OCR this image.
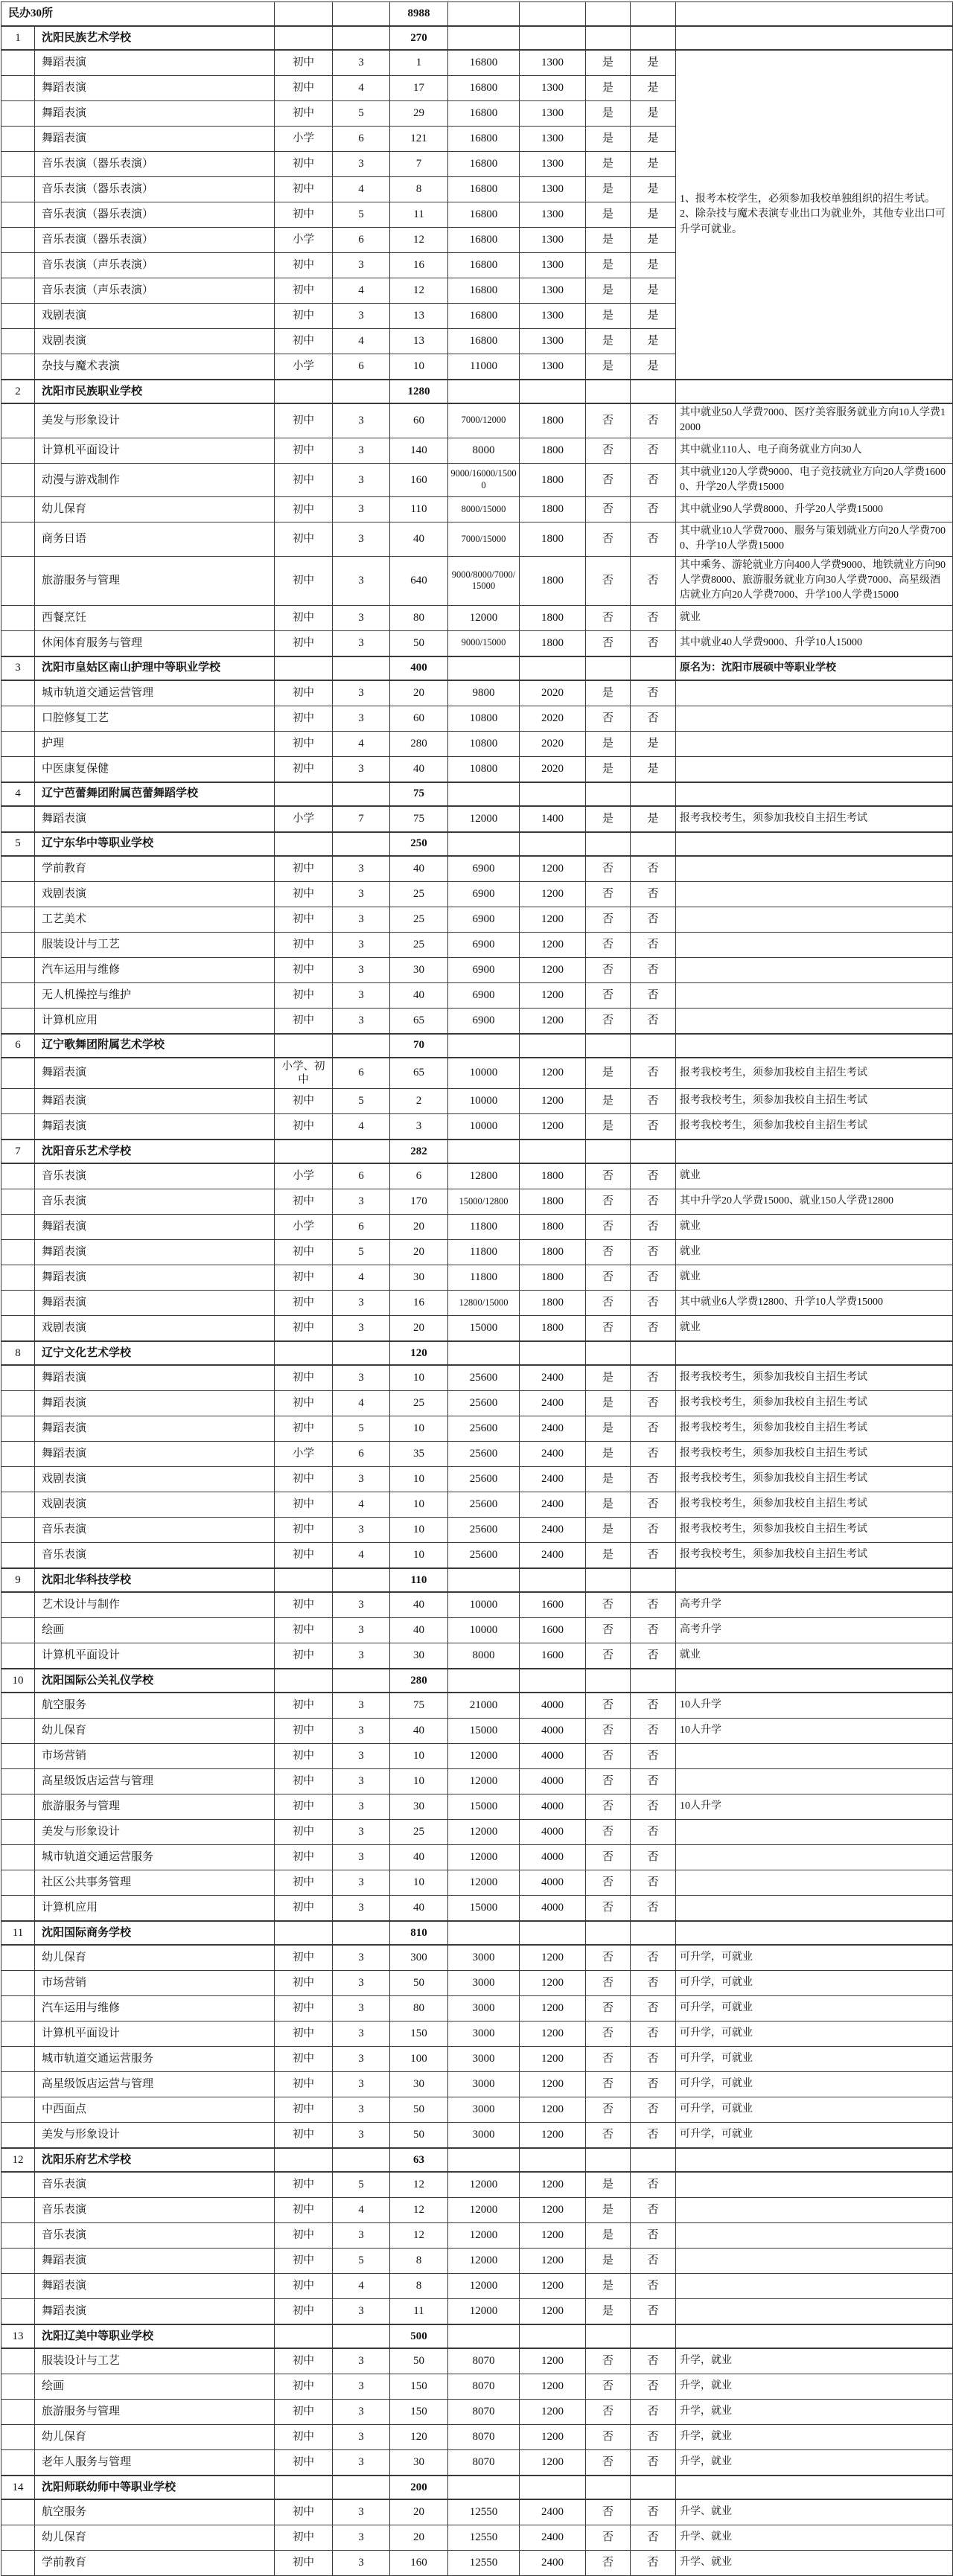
民办30所				8988					
1	沈阳民族艺术学校			270					
	舞蹈表演	初中	3	1	16800	1300	是	是	1、报考本校学生，必须参加我校单独组织的招生考试。 2、除杂技与魔术表演专业出口为就业外，其他专业出口可升学可就业。
	舞蹈表演	初中	4	17	16800	1300	是	是	
	舞蹈表演	初中	5	29	16800	1300	是	是	
	舞蹈表演	小学	6	121	16800	1300	是	是	
	音乐表演（器乐表演）	初中	3	7	16800	1300	是	是	
	音乐表演（器乐表演）	初中	4	8	16800	1300	是	是	
	音乐表演（器乐表演）	初中	5	11	16800	1300	是	是	
	音乐表演（器乐表演）	小学	6	12	16800	1300	是	是	
	音乐表演（声乐表演）	初中	3	16	16800	1300	是	是	
	音乐表演（声乐表演）	初中	4	12	16800	1300	是	是	
	戏剧表演	初中	3	13	16800	1300	是	是	
	戏剧表演	初中	4	13	16800	1300	是	是	
	杂技与魔术表演	小学	6	10	11000	1300	是	是	
2	沈阳市民族职业学校			1280					
	美发与形象设计	初中	3	60	7000/12000	1800	否	否	其中就业50人学费7000、医疗美容服务就业方向10人学费12000
	计算机平面设计	初中	3	140	8000	1800	否	否	其中就业110人、电子商务就业方向30人
	动漫与游戏制作	初中	3	160	9000/16000/15000	1800	否	否	其中就业120人学费9000、电子竞技就业方向20人学费16000、升学20人学费15000
	幼儿保育	初中	3	110	8000/15000	1800	否	否	其中就业90人学费8000、升学20人学费15000
	商务日语	初中	3	40	7000/15000	1800	否	否	其中就业10人学费7000、服务与策划就业方向20人学费7000、升学10人学费15000
	旅游服务与管理	初中	3	640	9000/8000/7000/15000	1800	否	否	其中乘务、游轮就业方向400人学费9000、地铁就业方向90人学费8000、旅游服务就业方向30人学费7000、高星级酒店就业方向20人学费7000、升学100人学费15000
	西餐烹饪	初中	3	80	12000	1800	否	否	就业
	休闲体育服务与管理	初中	3	50	9000/15000	1800	否	否	其中就业40人学费9000、升学10人15000
3	沈阳市皇姑区南山护理中等职业学校			400					原名为：沈阳市展硕中等职业学校
	城市轨道交通运营管理	初中	3	20	9800	2020	是	否	
	口腔修复工艺	初中	3	60	10800	2020	否	否	
	护理	初中	4	280	10800	2020	是	是	
	中医康复保健	初中	3	40	10800	2020	是	是	
4	辽宁芭蕾舞团附属芭蕾舞蹈学校			75					
	舞蹈表演	小学	7	75	12000	1400	是	是	报考我校考生，须参加我校自主招生考试
5	辽宁东华中等职业学校			250					
	学前教育	初中	3	40	6900	1200	否	否	
	戏剧表演	初中	3	25	6900	1200	否	否	
	工艺美术	初中	3	25	6900	1200	否	否	
	服装设计与工艺	初中	3	25	6900	1200	否	否	
	汽车运用与维修	初中	3	30	6900	1200	否	否	
	无人机操控与维护	初中	3	40	6900	1200	否	否	
	计算机应用	初中	3	65	6900	1200	否	否	
6	辽宁歌舞团附属艺术学校			70					
	舞蹈表演	小学、初中	6	65	10000	1200	是	否	报考我校考生，须参加我校自主招生考试
	舞蹈表演	初中	5	2	10000	1200	是	否	报考我校考生，须参加我校自主招生考试
	舞蹈表演	初中	4	3	10000	1200	是	否	报考我校考生，须参加我校自主招生考试
7	沈阳音乐艺术学校			282					
	音乐表演	小学	6	6	12800	1800	否	否	就业
	音乐表演	初中	3	170	15000/12800	1800	否	否	其中升学20人学费15000、就业150人学费12800
	舞蹈表演	小学	6	20	11800	1800	否	否	就业
	舞蹈表演	初中	5	20	11800	1800	否	否	就业
	舞蹈表演	初中	4	30	11800	1800	否	否	就业
	舞蹈表演	初中	3	16	12800/15000	1800	否	否	其中就业6人学费12800、升学10人学费15000
	戏剧表演	初中	3	20	15000	1800	否	否	就业
8	辽宁文化艺术学校			120					
	舞蹈表演	初中	3	10	25600	2400	是	否	报考我校考生，须参加我校自主招生考试
	舞蹈表演	初中	4	25	25600	2400	是	否	报考我校考生，须参加我校自主招生考试
	舞蹈表演	初中	5	10	25600	2400	是	否	报考我校考生，须参加我校自主招生考试
	舞蹈表演	小学	6	35	25600	2400	是	否	报考我校考生，须参加我校自主招生考试
	戏剧表演	初中	3	10	25600	2400	是	否	报考我校考生，须参加我校自主招生考试
	戏剧表演	初中	4	10	25600	2400	是	否	报考我校考生，须参加我校自主招生考试
	音乐表演	初中	3	10	25600	2400	是	否	报考我校考生，须参加我校自主招生考试
	音乐表演	初中	4	10	25600	2400	是	否	报考我校考生，须参加我校自主招生考试
9	沈阳北华科技学校			110					
	艺术设计与制作	初中	3	40	10000	1600	否	否	高考升学
	绘画	初中	3	40	10000	1600	否	否	高考升学
	计算机平面设计	初中	3	30	8000	1600	否	否	就业
10	沈阳国际公关礼仪学校			280					
	航空服务	初中	3	75	21000	4000	否	否	10人升学
	幼儿保育	初中	3	40	15000	4000	否	否	10人升学
	市场营销	初中	3	10	12000	4000	否	否	
	高星级饭店运营与管理	初中	3	10	12000	4000	否	否	
	旅游服务与管理	初中	3	30	15000	4000	否	否	10人升学
	美发与形象设计	初中	3	25	12000	4000	否	否	
	城市轨道交通运营服务	初中	3	40	12000	4000	否	否	
	社区公共事务管理	初中	3	10	12000	4000	否	否	
	计算机应用	初中	3	40	15000	4000	否	否	
11	沈阳国际商务学校			810					
	幼儿保育	初中	3	300	3000	1200	否	否	可升学，可就业
	市场营销	初中	3	50	3000	1200	否	否	可升学，可就业
	汽车运用与维修	初中	3	80	3000	1200	否	否	可升学，可就业
	计算机平面设计	初中	3	150	3000	1200	否	否	可升学，可就业
	城市轨道交通运营服务	初中	3	100	3000	1200	否	否	可升学，可就业
	高星级饭店运营与管理	初中	3	30	3000	1200	否	否	可升学，可就业
	中西面点	初中	3	50	3000	1200	否	否	可升学，可就业
	美发与形象设计	初中	3	50	3000	1200	否	否	可升学，可就业
12	沈阳乐府艺术学校			63					
	音乐表演	初中	5	12	12000	1200	是	否	
	音乐表演	初中	4	12	12000	1200	是	否	
	音乐表演	初中	3	12	12000	1200	是	否	
	舞蹈表演	初中	5	8	12000	1200	是	否	
	舞蹈表演	初中	4	8	12000	1200	是	否	
	舞蹈表演	初中	3	11	12000	1200	是	否	
13	沈阳辽美中等职业学校			500					
	服装设计与工艺	初中	3	50	8070	1200	否	否	升学，就业
	绘画	初中	3	150	8070	1200	否	否	升学，就业
	旅游服务与管理	初中	3	150	8070	1200	否	否	升学，就业
	幼儿保育	初中	3	120	8070	1200	否	否	升学，就业
	老年人服务与管理	初中	3	30	8070	1200	否	否	升学，就业
14	沈阳师联幼师中等职业学校			200					
	航空服务	初中	3	20	12550	2400	否	否	升学、就业
	幼儿保育	初中	3	20	12550	2400	否	否	升学、就业
	学前教育	初中	3	160	12550	2400	否	否	升学、就业
